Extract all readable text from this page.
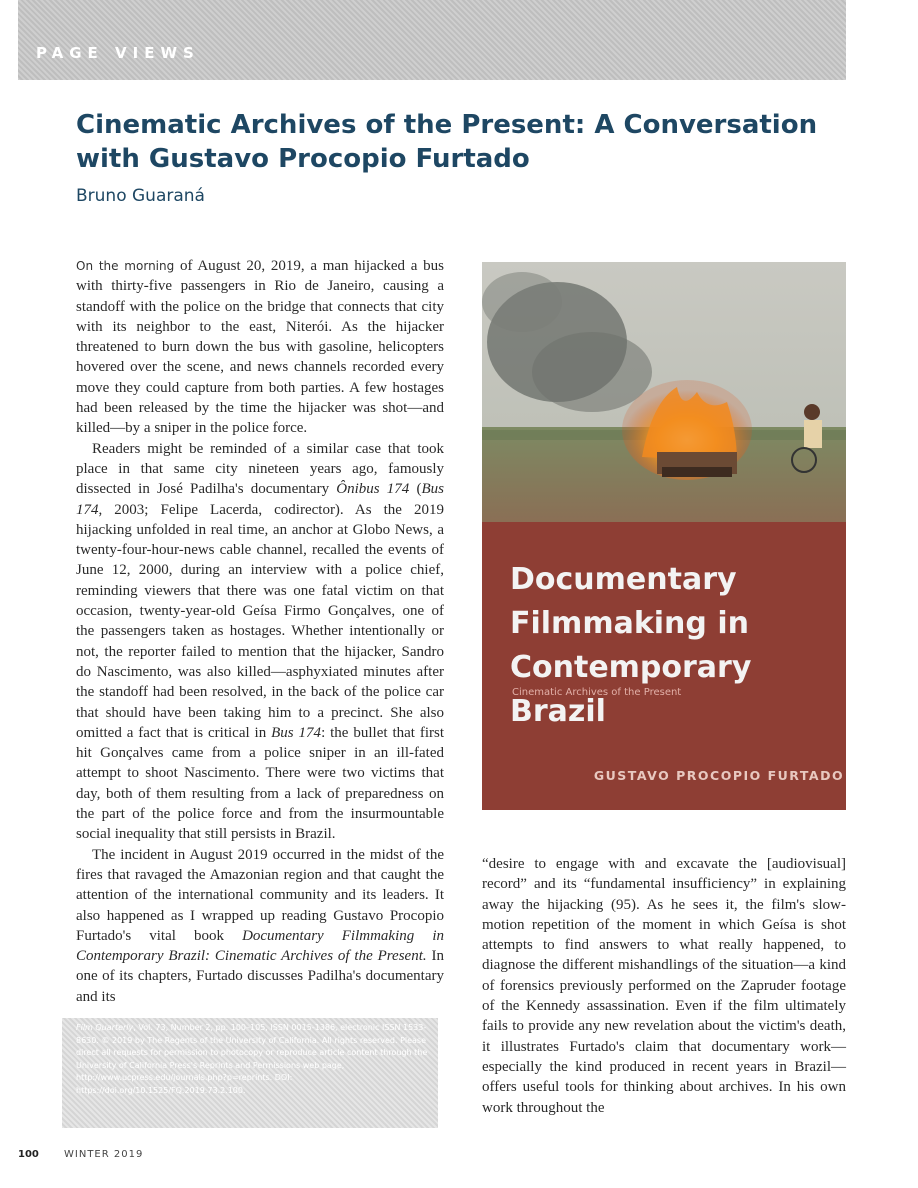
PAGE VIEWS
Cinematic Archives of the Present: A Conversation with Gustavo Procopio Furtado

Bruno Guaraná

On the morning of August 20, 2019, a man hijacked a bus with thirty-five passengers in Rio de Janeiro, causing a standoff with the police on the bridge that connects that city with its neighbor to the east, Niterói. As the hijacker threatened to burn down the bus with gasoline, helicopters hovered over the scene, and news channels recorded every move they could capture from both parties. A few hostages had been released by the time the hijacker was shot—and killed—by a sniper in the police force.

Readers might be reminded of a similar case that took place in that same city nineteen years ago, famously dissected in José Padilha's documentary Ônibus 174 (Bus 174, 2003; Felipe Lacerda, codirector). As the 2019 hijacking unfolded in real time, an anchor at Globo News, a twenty-four-hour-news cable channel, recalled the events of June 12, 2000, during an interview with a police chief, reminding viewers that there was one fatal victim on that occasion, twenty-year-old Geísa Firmo Gonçalves, one of the passengers taken as hostages. Whether intentionally or not, the reporter failed to mention that the hijacker, Sandro do Nascimento, was also killed—asphyxiated minutes after the standoff had been resolved, in the back of the police car that should have been taking him to a precinct. She also omitted a fact that is critical in Bus 174: the bullet that first hit Gonçalves came from a police sniper in an ill-fated attempt to shoot Nascimento. There were two victims that day, both of them resulting from a lack of preparedness on the part of the police force and from the insurmountable social inequality that still persists in Brazil.

The incident in August 2019 occurred in the midst of the fires that ravaged the Amazonian region and that caught the attention of the international community and its leaders. It also happened as I wrapped up reading Gustavo Procopio Furtado's vital book Documentary Filmmaking in Contemporary Brazil: Cinematic Archives of the Present. In one of its chapters, Furtado discusses Padilha's documentary and its

Film Quarterly, Vol. 73, Number 2, pp. 100–105, ISSN 0015-1386, electronic ISSN 1533-8630. © 2019 by The Regents of the University of California. All rights reserved. Please direct all requests for permission to photocopy or reproduce article content through the University of California Press's Reprints and Permissions web page, http://www.ucpress.edu/journals.php?p=reprints. DOI: https://doi.org/10.1525/FQ.2019.73.2.100.

Documentary
Filmmaking in
Contemporary Brazil

Cinematic Archives of the Present

GUSTAVO PROCOPIO FURTADO

“desire to engage with and excavate the [audiovisual] record” and its “fundamental insufficiency” in explaining away the hijacking (95). As he sees it, the film's slow-motion repetition of the moment in which Geísa is shot attempts to find answers to what really happened, to diagnose the different mishandlings of the situation—a kind of forensics previously performed on the Zapruder footage of the Kennedy assassination. Even if the film ultimately fails to provide any new revelation about the victim's death, it illustrates Furtado's claim that documentary work—especially the kind produced in recent years in Brazil—offers useful tools for thinking about archives. In his own work throughout the

100	WINTER 2019
